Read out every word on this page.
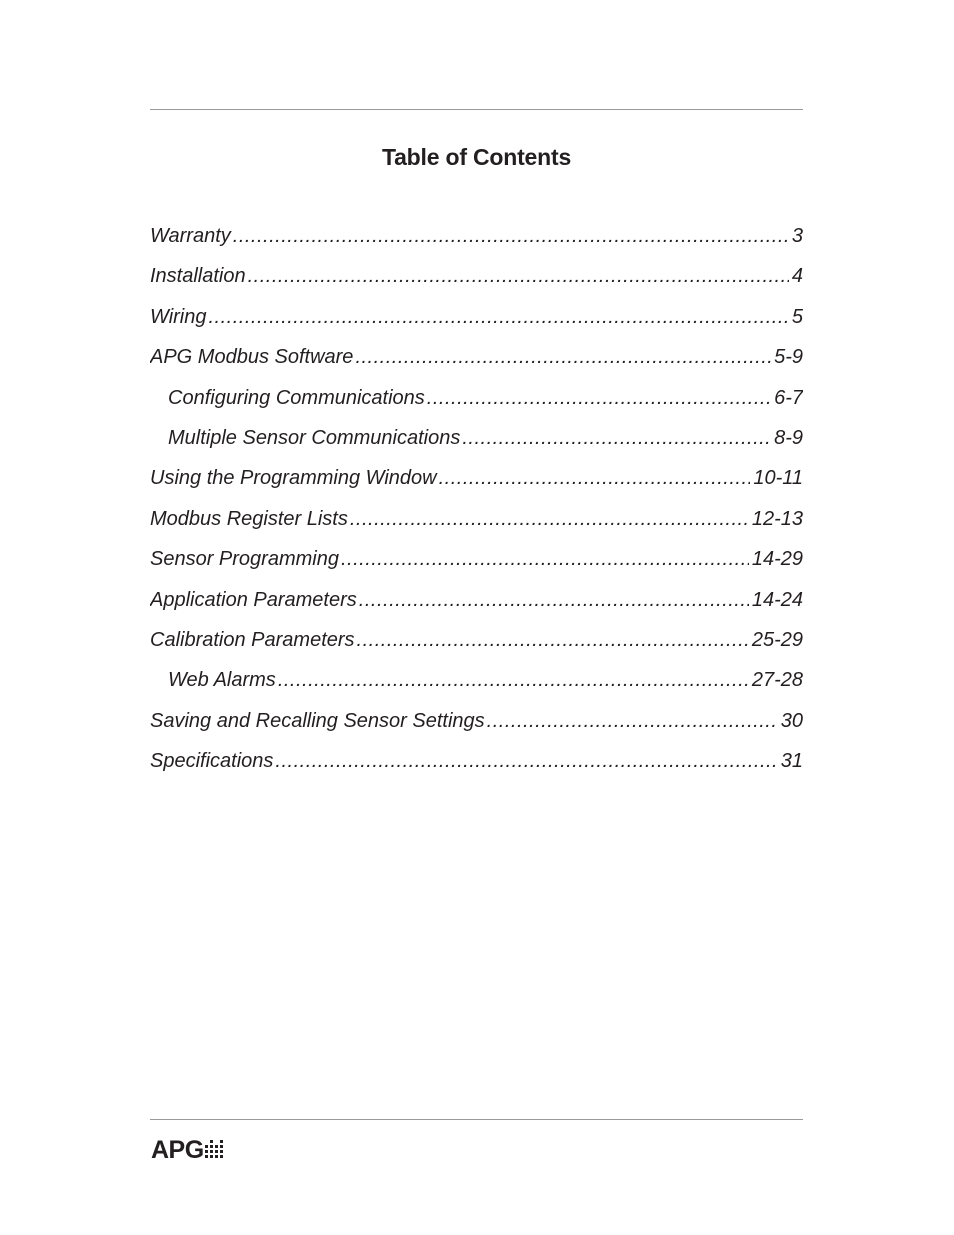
Table of Contents
Warranty .....	3
Installation .....	4
Wiring .....	5
APG Modbus Software .....	5-9
Configuring Communications .....	6-7
Multiple Sensor Communications .....	8-9
Using the Programming Window .....	10-11
Modbus Register Lists .....	12-13
Sensor Programming .....	14-29
Application Parameters .....	14-24
Calibration Parameters .....	25-29
Web Alarms .....	27-28
Saving and Recalling Sensor Settings .....	30
Specifications .....	31
APG
